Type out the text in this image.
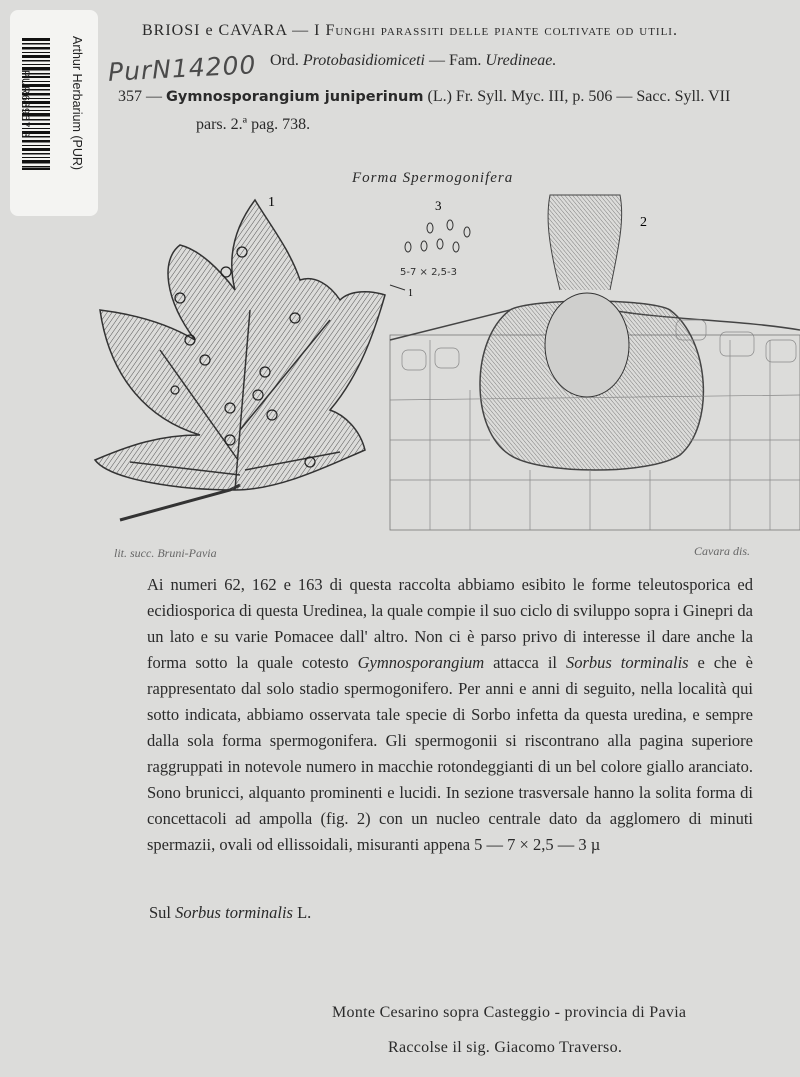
Arthur Herbarium (PUR)
PUR63967 3
PurN14200
BRIOSI e CAVARA — I Funghi parassiti delle piante coltivate od utili.
Ord. Protobasidiomiceti — Fam. Uredineae.
357 — Gymnosporangium juniperinum (L.) Fr. Syll. Myc. III, p. 506 — Sacc. Syll. VII
pars. 2.ª pag. 738.
Forma Spermogonifera
1	3
5-7 × 2,5-3
1
2
lit. succ. Bruni-Pavia	Cavara dis.

Ai numeri 62, 162 e 163 di questa raccolta abbiamo esibito le forme teleutosporica ed ecidiosporica di questa Uredinea, la quale compie il suo ciclo di sviluppo sopra i Ginepri da un lato e su varie Pomacee dall' altro. Non ci è parso privo di interesse il dare anche la forma sotto la quale cotesto Gymnosporangium attacca il Sorbus torminalis e che è rappresentato dal solo stadio spermogonifero. Per anni e anni di seguito, nella località qui sotto indicata, abbiamo osservata tale specie di Sorbo infetta da questa uredina, e sempre dalla sola forma spermogonifera. Gli spermogonii si riscontrano alla pagina superiore raggruppati in notevole numero in macchie rotondeggianti di un bel colore giallo aranciato. Sono brunicci, alquanto prominenti e lucidi. In sezione trasversale hanno la solita forma di concettacoli ad ampolla (fig. 2) con un nucleo centrale dato da agglomero di minuti spermazii, ovali od ellissoidali, misuranti appena 5 — 7 × 2,5 — 3 µ

Sul Sorbus torminalis L.
Monte Cesarino sopra Casteggio - provincia di Pavia
Raccolse il sig. Giacomo Traverso.
